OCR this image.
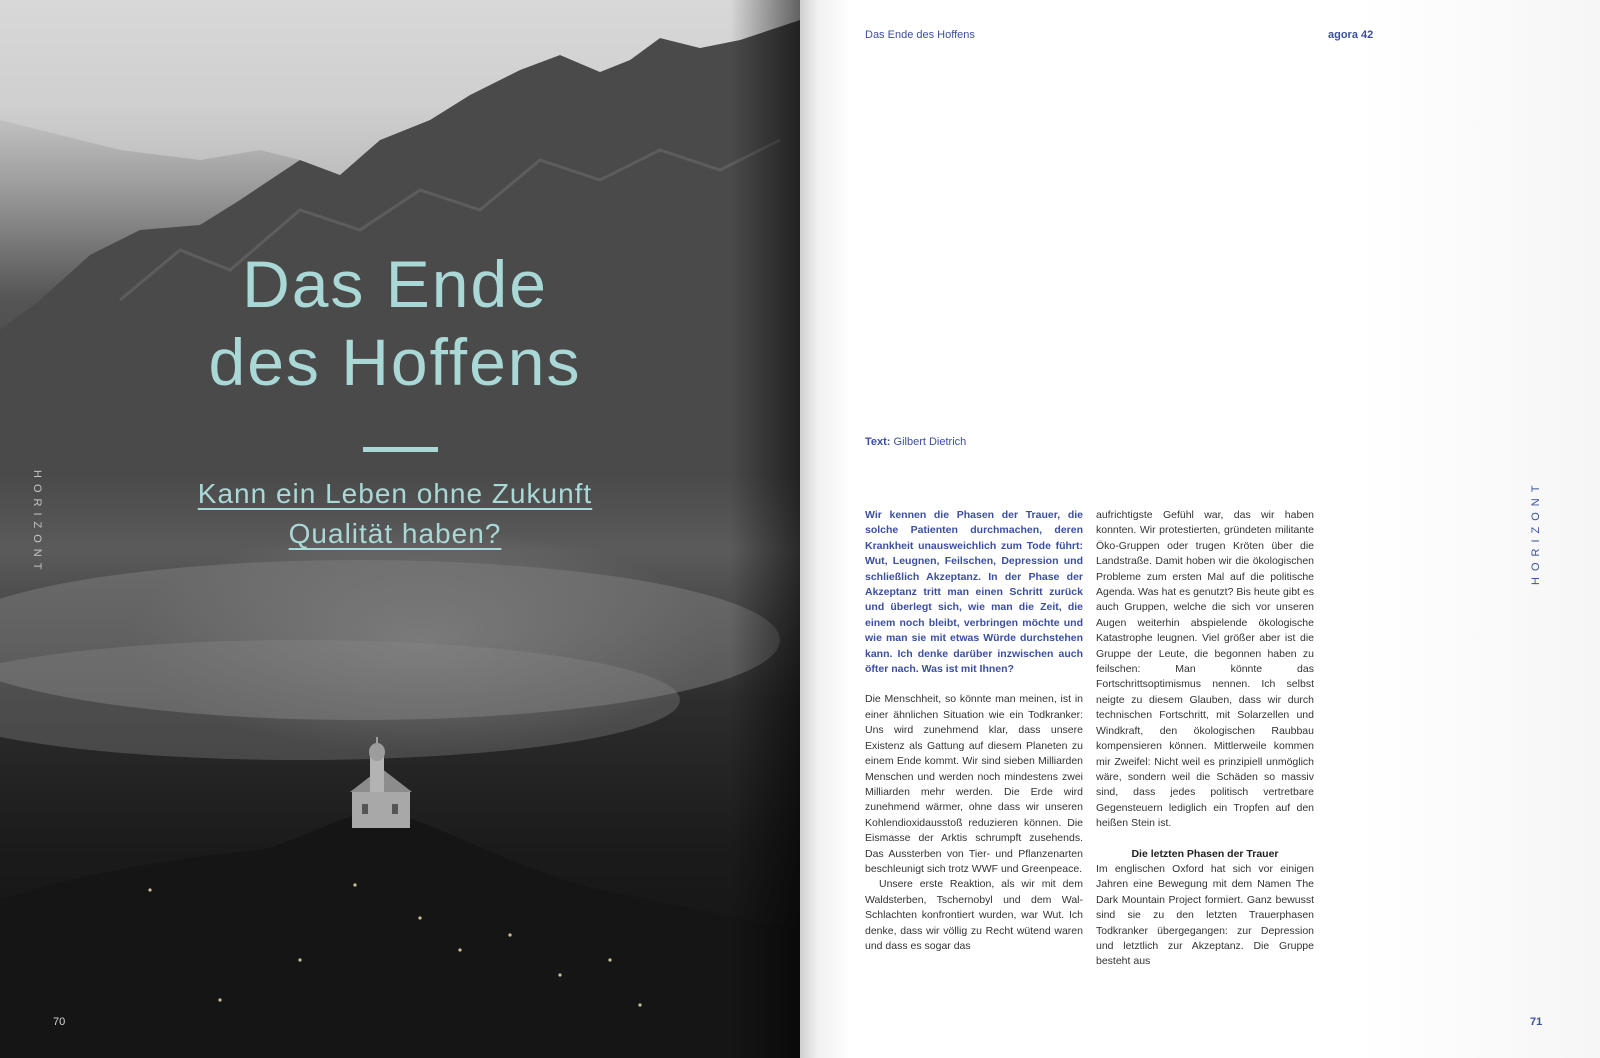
Das Ende
des Hoffens

Kann ein Leben ohne Zukunft
Qualität haben?

HORIZONT
70
Das Ende des Hoffens	agora 42
Text: Gilbert Dietrich

Wir kennen die Phasen der Trauer, die solche Patienten durchmachen, deren Krankheit unausweichlich zum Tode führt: Wut, Leugnen, Feilschen, Depression und schließlich Akzeptanz. In der Phase der Akzeptanz tritt man einen Schritt zurück und überlegt sich, wie man die Zeit, die einem noch bleibt, verbringen möchte und wie man sie mit etwas Würde durchstehen kann. Ich denke darüber inzwischen auch öfter nach. Was ist mit Ihnen?

Die Menschheit, so könnte man meinen, ist in einer ähnlichen Situation wie ein Todkranker: Uns wird zunehmend klar, dass unsere Existenz als Gattung auf diesem Planeten zu einem Ende kommt. Wir sind sieben Milliarden Menschen und werden noch mindestens zwei Milliarden mehr werden. Die Erde wird zunehmend wärmer, ohne dass wir unseren Kohlendioxidausstoß reduzieren können. Die Eismasse der Arktis schrumpft zusehends. Das Aussterben von Tier- und Pflanzenarten beschleunigt sich trotz WWF und Greenpeace.

Unsere erste Reaktion, als wir mit dem Waldsterben, Tschernobyl und dem Wal-Schlachten konfrontiert wurden, war Wut. Ich denke, dass wir völlig zu Recht wütend waren und dass es sogar das

aufrichtigste Gefühl war, das wir haben konnten. Wir protestierten, gründeten militante Öko-Gruppen oder trugen Kröten über die Landstraße. Damit hoben wir die ökologischen Probleme zum ersten Mal auf die politische Agenda. Was hat es genutzt? Bis heute gibt es auch Gruppen, welche die sich vor unseren Augen weiterhin abspielende ökologische Katastrophe leugnen. Viel größer aber ist die Gruppe der Leute, die begonnen haben zu feilschen: Man könnte das Fortschrittsoptimismus nennen. Ich selbst neigte zu diesem Glauben, dass wir durch technischen Fortschritt, mit Solarzellen und Windkraft, den ökologischen Raubbau kompensieren können. Mittlerweile kommen mir Zweifel: Nicht weil es prinzipiell unmöglich wäre, sondern weil die Schäden so massiv sind, dass jedes politisch vertretbare Gegensteuern lediglich ein Tropfen auf den heißen Stein ist.

Die letzten Phasen der Trauer

Im englischen Oxford hat sich vor einigen Jahren eine Bewegung mit dem Namen The Dark Mountain Project formiert. Ganz bewusst sind sie zu den letzten Trauerphasen Todkranker übergegangen: zur Depression und letztlich zur Akzeptanz. Die Gruppe besteht aus

HORIZONT
71
